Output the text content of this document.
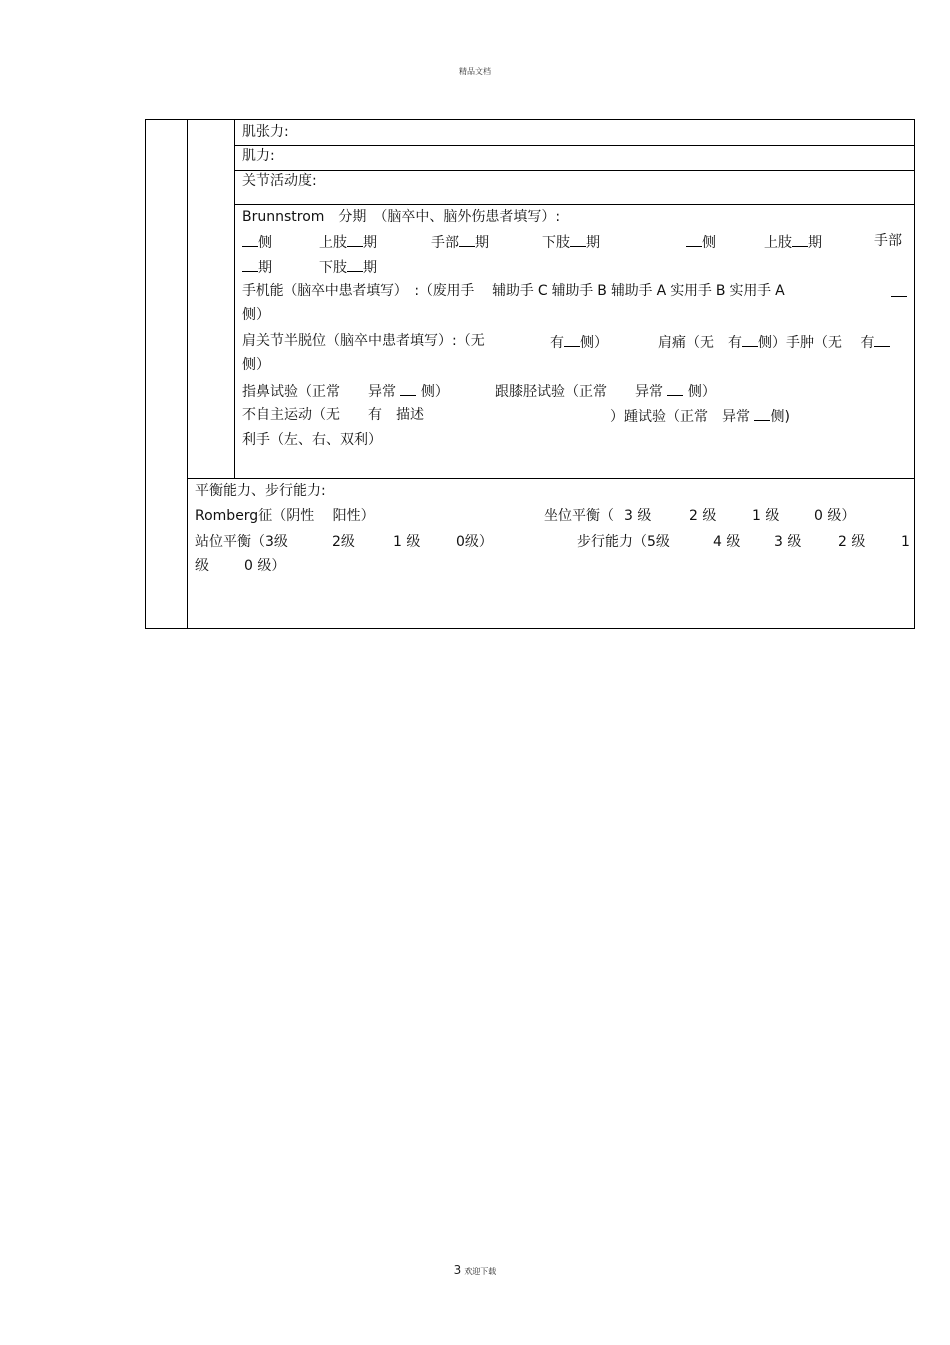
精品文档
肌张力:
肌力:
关节活动度:
Brunnstrom　分期　（脑卒中、脑外伤患者填写）:
侧	上肢 期	手部 期	下肢 期	侧	上肢 期	手部
期	下肢 期
手机能（脑卒中患者填写）　:（废用手　 辅助手 C 辅助手 B 辅助手 A 实用手 B 实用手 A
侧）
肩关节半脱位（脑卒中患者填写）:（无	有 侧）	肩痛（无　有 侧）手肿（无　 有
侧）
指鼻试验（正常　　异常 侧）	跟膝胫试验（正常　　异常 侧）
不自主运动（无　　有　描述	）踵试验（正常　异常 侧)
利手（左、右、双利）
平衡能力、步行能力:
Romberg征（阴性　 阳性）	坐位平衡（ 3 级	2 级	1 级 0 级）
站位平衡（3级	2级	1 级	0级）	步行能力（5级	4 级 3 级	2 级	1
级	0 级）
3 欢迎下载
